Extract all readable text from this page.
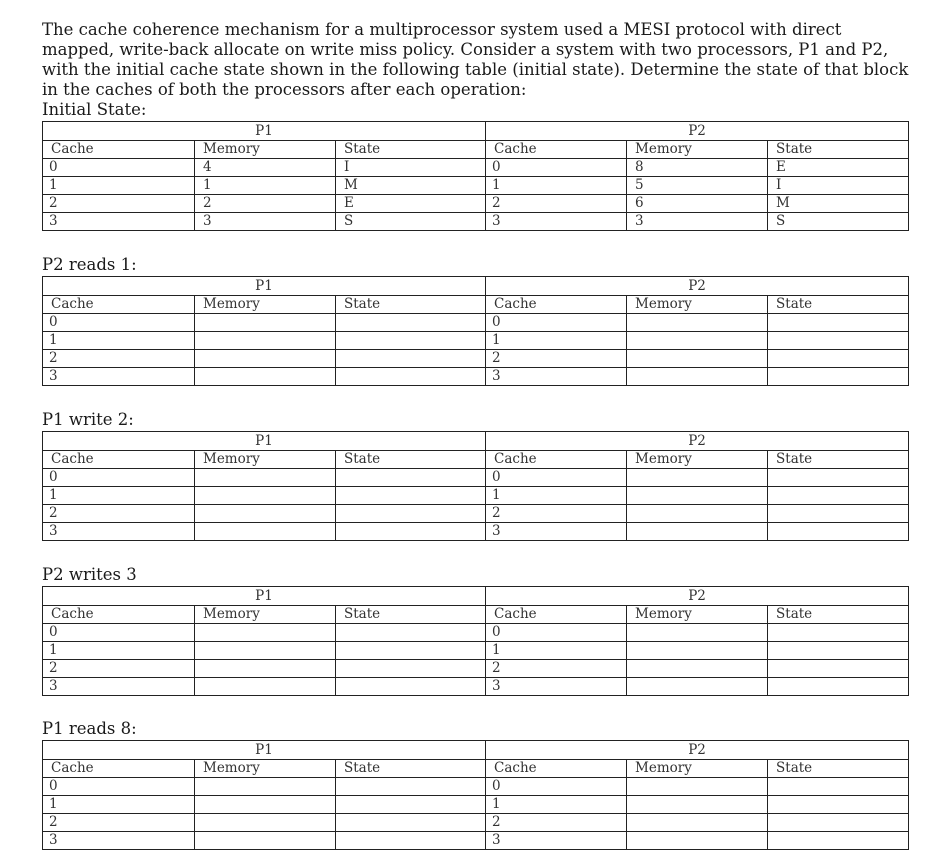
The cache coherence mechanism for a multiprocessor system used a MESI protocol with direct mapped, write-back allocate on write miss policy. Consider a system with two processors, P1 and P2, with the initial cache state shown in the following table (initial state). Determine the state of that block in the caches of both the processors after each operation:

Initial State:

P1			P2		
Cache	Memory	State	Cache	Memory	State
0	4	I	0	8	E
1	1	M	1	5	I
2	2	E	2	6	M
3	3	S	3	3	S

P2 reads 1:

P1			P2		
Cache	Memory	State	Cache	Memory	State
0			0		
1			1		
2			2		
3			3		

P1 write 2:

P1			P2		
Cache	Memory	State	Cache	Memory	State
0			0		
1			1		
2			2		
3			3		

P2 writes 3

P1			P2		
Cache	Memory	State	Cache	Memory	State
0			0		
1			1		
2			2		
3			3		

P1 reads 8:

P1			P2		
Cache	Memory	State	Cache	Memory	State
0			0		
1			1		
2			2		
3			3		
